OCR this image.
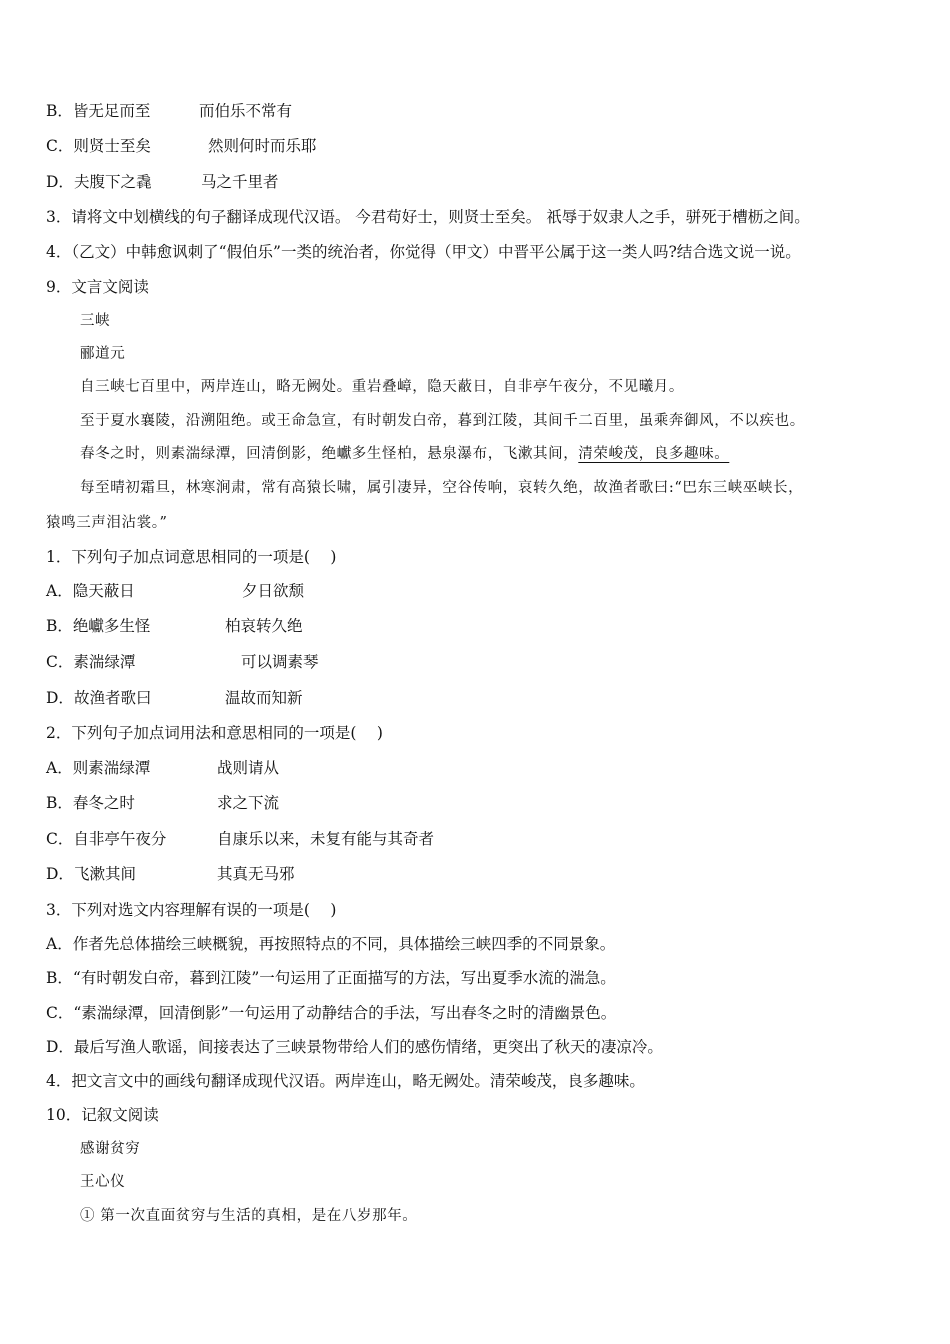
B．皆无足而至	而伯乐不常有
C．则贤士至矣	然则何时而乐耶
D．夫腹下之毳	马之千里者
3．请将文中划横线的句子翻译成现代汉语。 今君苟好士，则贤士至矣。 祇辱于奴隶人之手，骈死于槽枥之间。
4．（乙文）中韩愈讽刺了“假伯乐”一类的统治者，你觉得（甲文）中晋平公属于这一类人吗?结合选文说一说。
9．文言文阅读
三峡
郦道元
自三峡七百里中，两岸连山，略无阙处。重岩叠嶂，隐天蔽日，自非亭午夜分，不见曦月。
至于夏水襄陵，沿溯阻绝。或王命急宣，有时朝发白帝，暮到江陵，其间千二百里，虽乘奔御风，不以疾也。
春冬之时，则素湍绿潭，回清倒影，绝巘多生怪柏，悬泉瀑布，飞漱其间，清荣峻茂，良多趣味。
每至晴初霜旦，林寒涧肃，常有高猿长啸，属引凄异，空谷传响，哀转久绝，故渔者歌曰:“巴东三峡巫峡长，
猿鸣三声泪沾裳。”
1．下列句子加点词意思相同的一项是(　 )
A．隐天蔽日	夕日欲颓
B．绝巘多生怪	柏哀转久绝
C．素湍绿潭	可以调素琴
D．故渔者歌曰	温故而知新
2．下列句子加点词用法和意思相同的一项是(　 )
A．则素湍绿潭	战则请从
B．春冬之时	求之下流
C．自非亭午夜分	自康乐以来，未复有能与其奇者
D．飞漱其间	其真无马邪
3．下列对选文内容理解有误的一项是(　 )
A．作者先总体描绘三峡概貌，再按照特点的不同，具体描绘三峡四季的不同景象。
B．“有时朝发白帝，暮到江陵”一句运用了正面描写的方法，写出夏季水流的湍急。
C．“素湍绿潭，回清倒影”一句运用了动静结合的手法，写出春冬之时的清幽景色。
D．最后写渔人歌谣，间接表达了三峡景物带给人们的感伤情绪，更突出了秋天的凄凉冷。
4．把文言文中的画线句翻译成现代汉语。两岸连山，略无阙处。清荣峻茂，良多趣味。
10．记叙文阅读
感谢贫穷
王心仪
① 第一次直面贫穷与生活的真相，是在八岁那年。
